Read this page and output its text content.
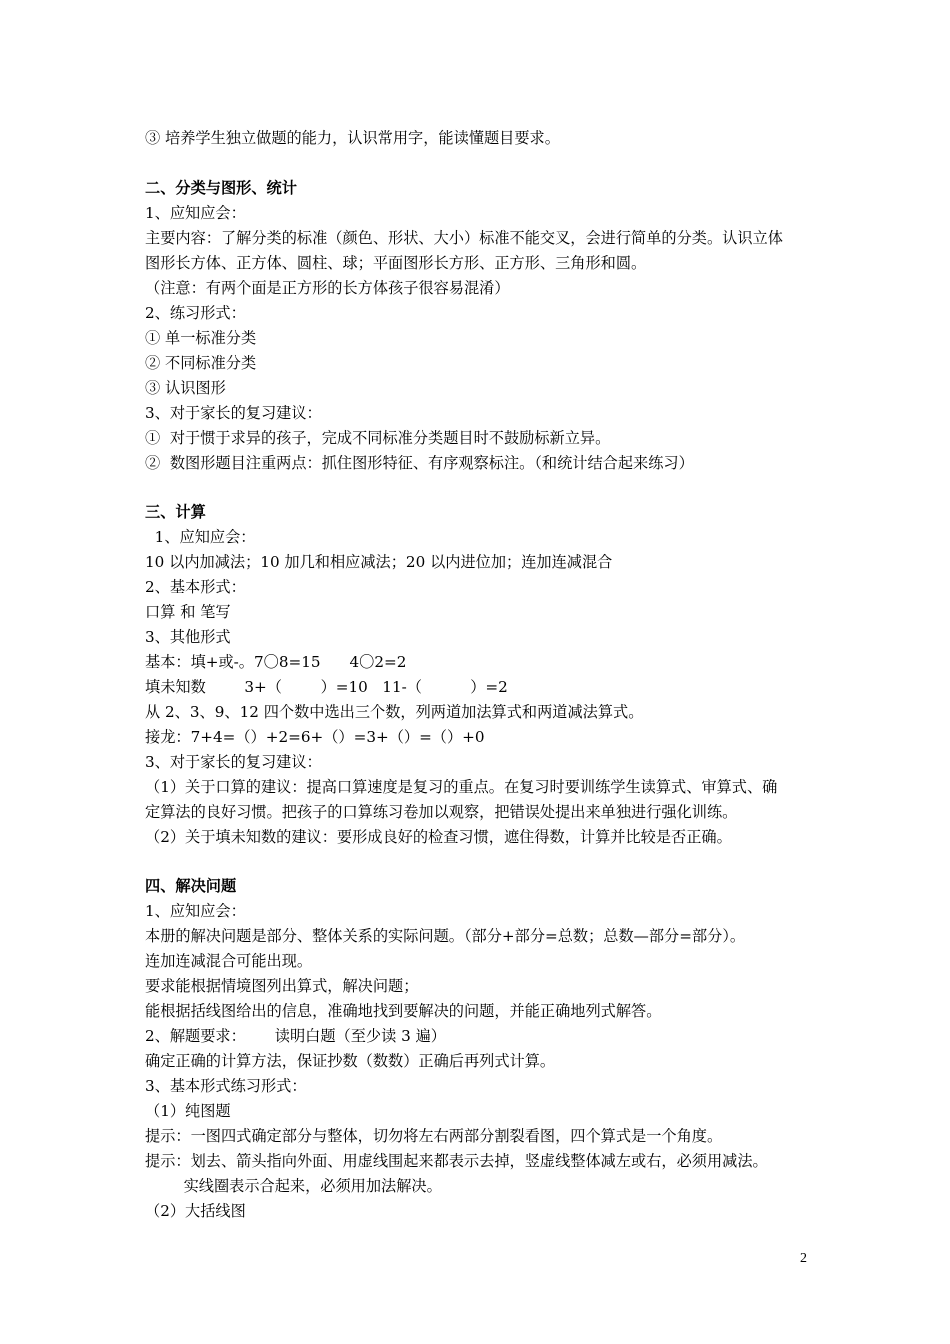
③ 培养学生独立做题的能力，认识常用字，能读懂题目要求。
二、分类与图形、统计
1、应知应会：
主要内容：了解分类的标准（颜色、形状、大小）标准不能交叉，会进行简单的分类。认识立体
图形长方体、正方体、圆柱、球；平面图形长方形、正方形、三角形和圆。
（注意：有两个面是正方形的长方体孩子很容易混淆）
2、练习形式：
① 单一标准分类
② 不同标准分类
③ 认识图形
3、对于家长的复习建议：
①  对于惯于求异的孩子，完成不同标准分类题目时不鼓励标新立异。
②  数图形题目注重两点：抓住图形特征、有序观察标注。（和统计结合起来练习）
三、计算
1、应知应会：
10 以内加减法；10 加几和相应减法；20 以内进位加；连加连减混合
2、基本形式：
口算 和 笔写
3、其他形式
基本：填+或-。7〇8=15      4〇2=2
填未知数        3+（        ）=10   11-（          ）=2
从 2、3、9、12 四个数中选出三个数，列两道加法算式和两道减法算式。
接龙：7+4=（）+2=6+（）=3+（）=（）+0
3、对于家长的复习建议：
（1）关于口算的建议：提高口算速度是复习的重点。在复习时要训练学生读算式、审算式、确
定算法的良好习惯。把孩子的口算练习卷加以观察，把错误处提出来单独进行强化训练。
（2）关于填未知数的建议：要形成良好的检查习惯，遮住得数，计算并比较是否正确。
四、解决问题
1、应知应会：
本册的解决问题是部分、整体关系的实际问题。（部分+部分=总数；总数—部分=部分）。
连加连减混合可能出现。
要求能根据情境图列出算式，解决问题；
能根据括线图给出的信息，准确地找到要解决的问题，并能正确地列式解答。
2、解题要求：      读明白题（至少读 3 遍）
确定正确的计算方法，保证抄数（数数）正确后再列式计算。
3、基本形式练习形式：
（1）纯图题
提示：一图四式确定部分与整体，切勿将左右两部分割裂看图，四个算式是一个角度。
提示：划去、箭头指向外面、用虚线围起来都表示去掉，竖虚线整体减左或右，必须用减法。
实线圈表示合起来，必须用加法解决。
（2）大括线图
2
